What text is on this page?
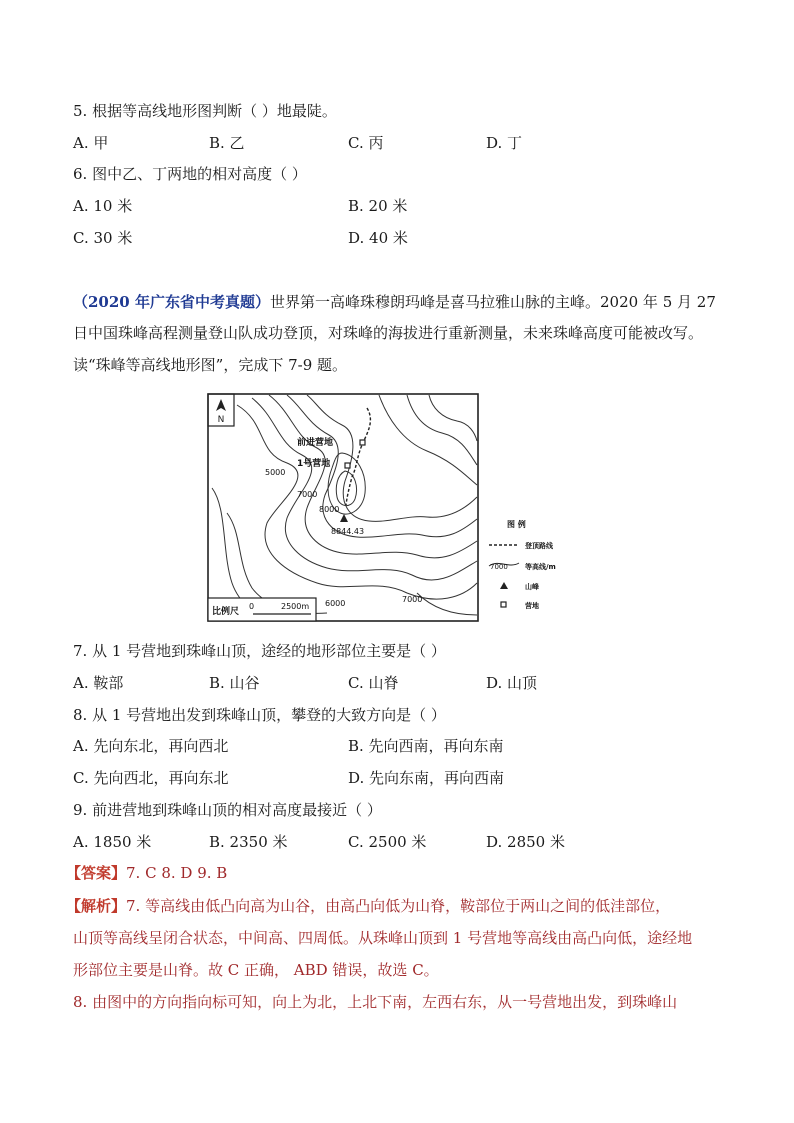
5. 根据等高线地形图判断（ ）地最陡。
A. 甲	B. 乙	C. 丙	D. 丁
6. 图中乙、丁两地的相对高度（ ）
A. 10 米	B. 20 米
C. 30 米	D. 40 米
（2020 年广东省中考真题）世界第一高峰珠穆朗玛峰是喜马拉雅山脉的主峰。2020 年 5 月 27
日中国珠峰高程测量登山队成功登顶，对珠峰的海拔进行重新测量，未来珠峰高度可能被改写。
读“珠峰等高线地形图”，完成下 7-9 题。
N
前进营地
1号营地
5000
7000
8000
8844.43
6000	7000
比例尺
0	2500m
图 例
登顶路线
7000 等高线/m
山峰
营地
7. 从 1 号营地到珠峰山顶，途经的地形部位主要是（ ）
A. 鞍部	B. 山谷	C. 山脊	D. 山顶
8. 从 1 号营地出发到珠峰山顶，攀登的大致方向是（ ）
A. 先向东北，再向西北	B. 先向西南，再向东南
C. 先向西北，再向东北	D. 先向东南，再向西南
9. 前进营地到珠峰山顶的相对高度最接近（ ）
A. 1850 米	B. 2350 米	C. 2500 米	D. 2850 米
【答案】7. C 8. D 9. B
【解析】7. 等高线由低凸向高为山谷，由高凸向低为山脊，鞍部位于两山之间的低洼部位，
山顶等高线呈闭合状态，中间高、四周低。从珠峰山顶到 1 号营地等高线由高凸向低，途经地
形部位主要是山脊。故 C 正确， ABD 错误，故选 C。
8. 由图中的方向指向标可知，向上为北，上北下南，左西右东，从一号营地出发，到珠峰山
